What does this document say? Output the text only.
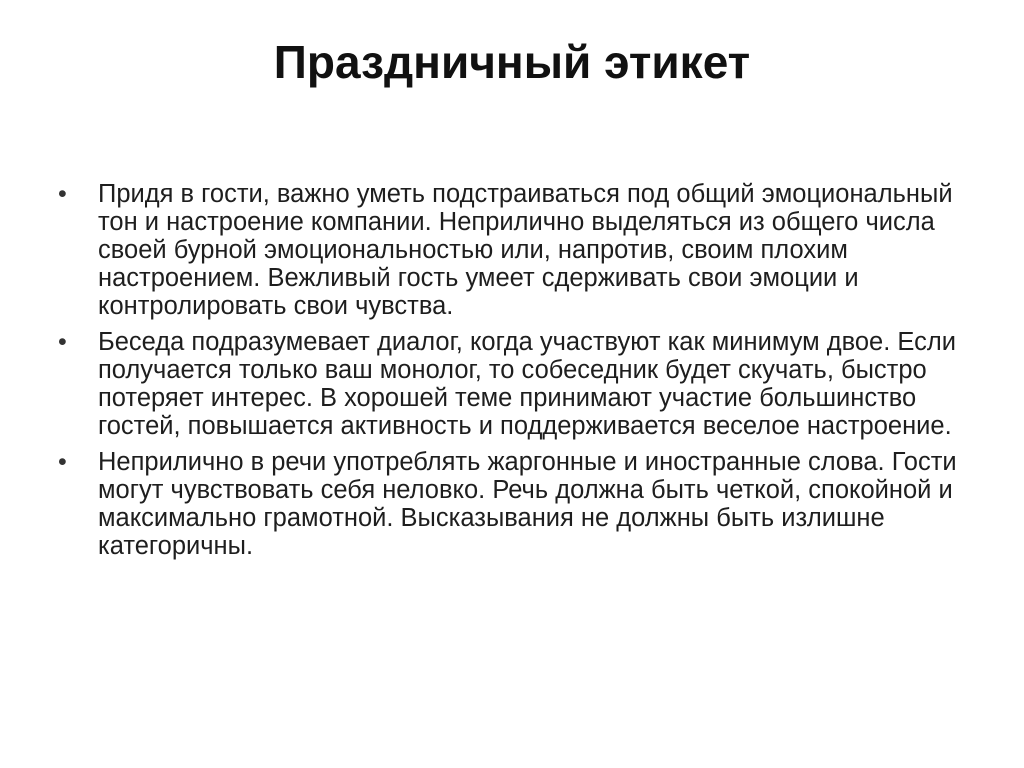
Праздничный этикет
• Придя в гости, важно уметь подстраиваться под общий эмоциональный тон и настроение компании. Неприлично выделяться из общего числа своей бурной эмоциональностью или, напротив, своим плохим настроением. Вежливый гость умеет сдерживать свои эмоции и контролировать свои чувства.
• Беседа подразумевает диалог, когда участвуют как минимум двое. Если получается только ваш монолог, то собеседник будет скучать, быстро потеряет интерес. В хорошей теме принимают участие большинство гостей, повышается активность и поддерживается веселое настроение.
• Неприлично в речи употреблять жаргонные и иностранные слова. Гости могут чувствовать себя неловко. Речь должна быть четкой, спокойной и максимально грамотной. Высказывания не должны быть излишне категоричны.
